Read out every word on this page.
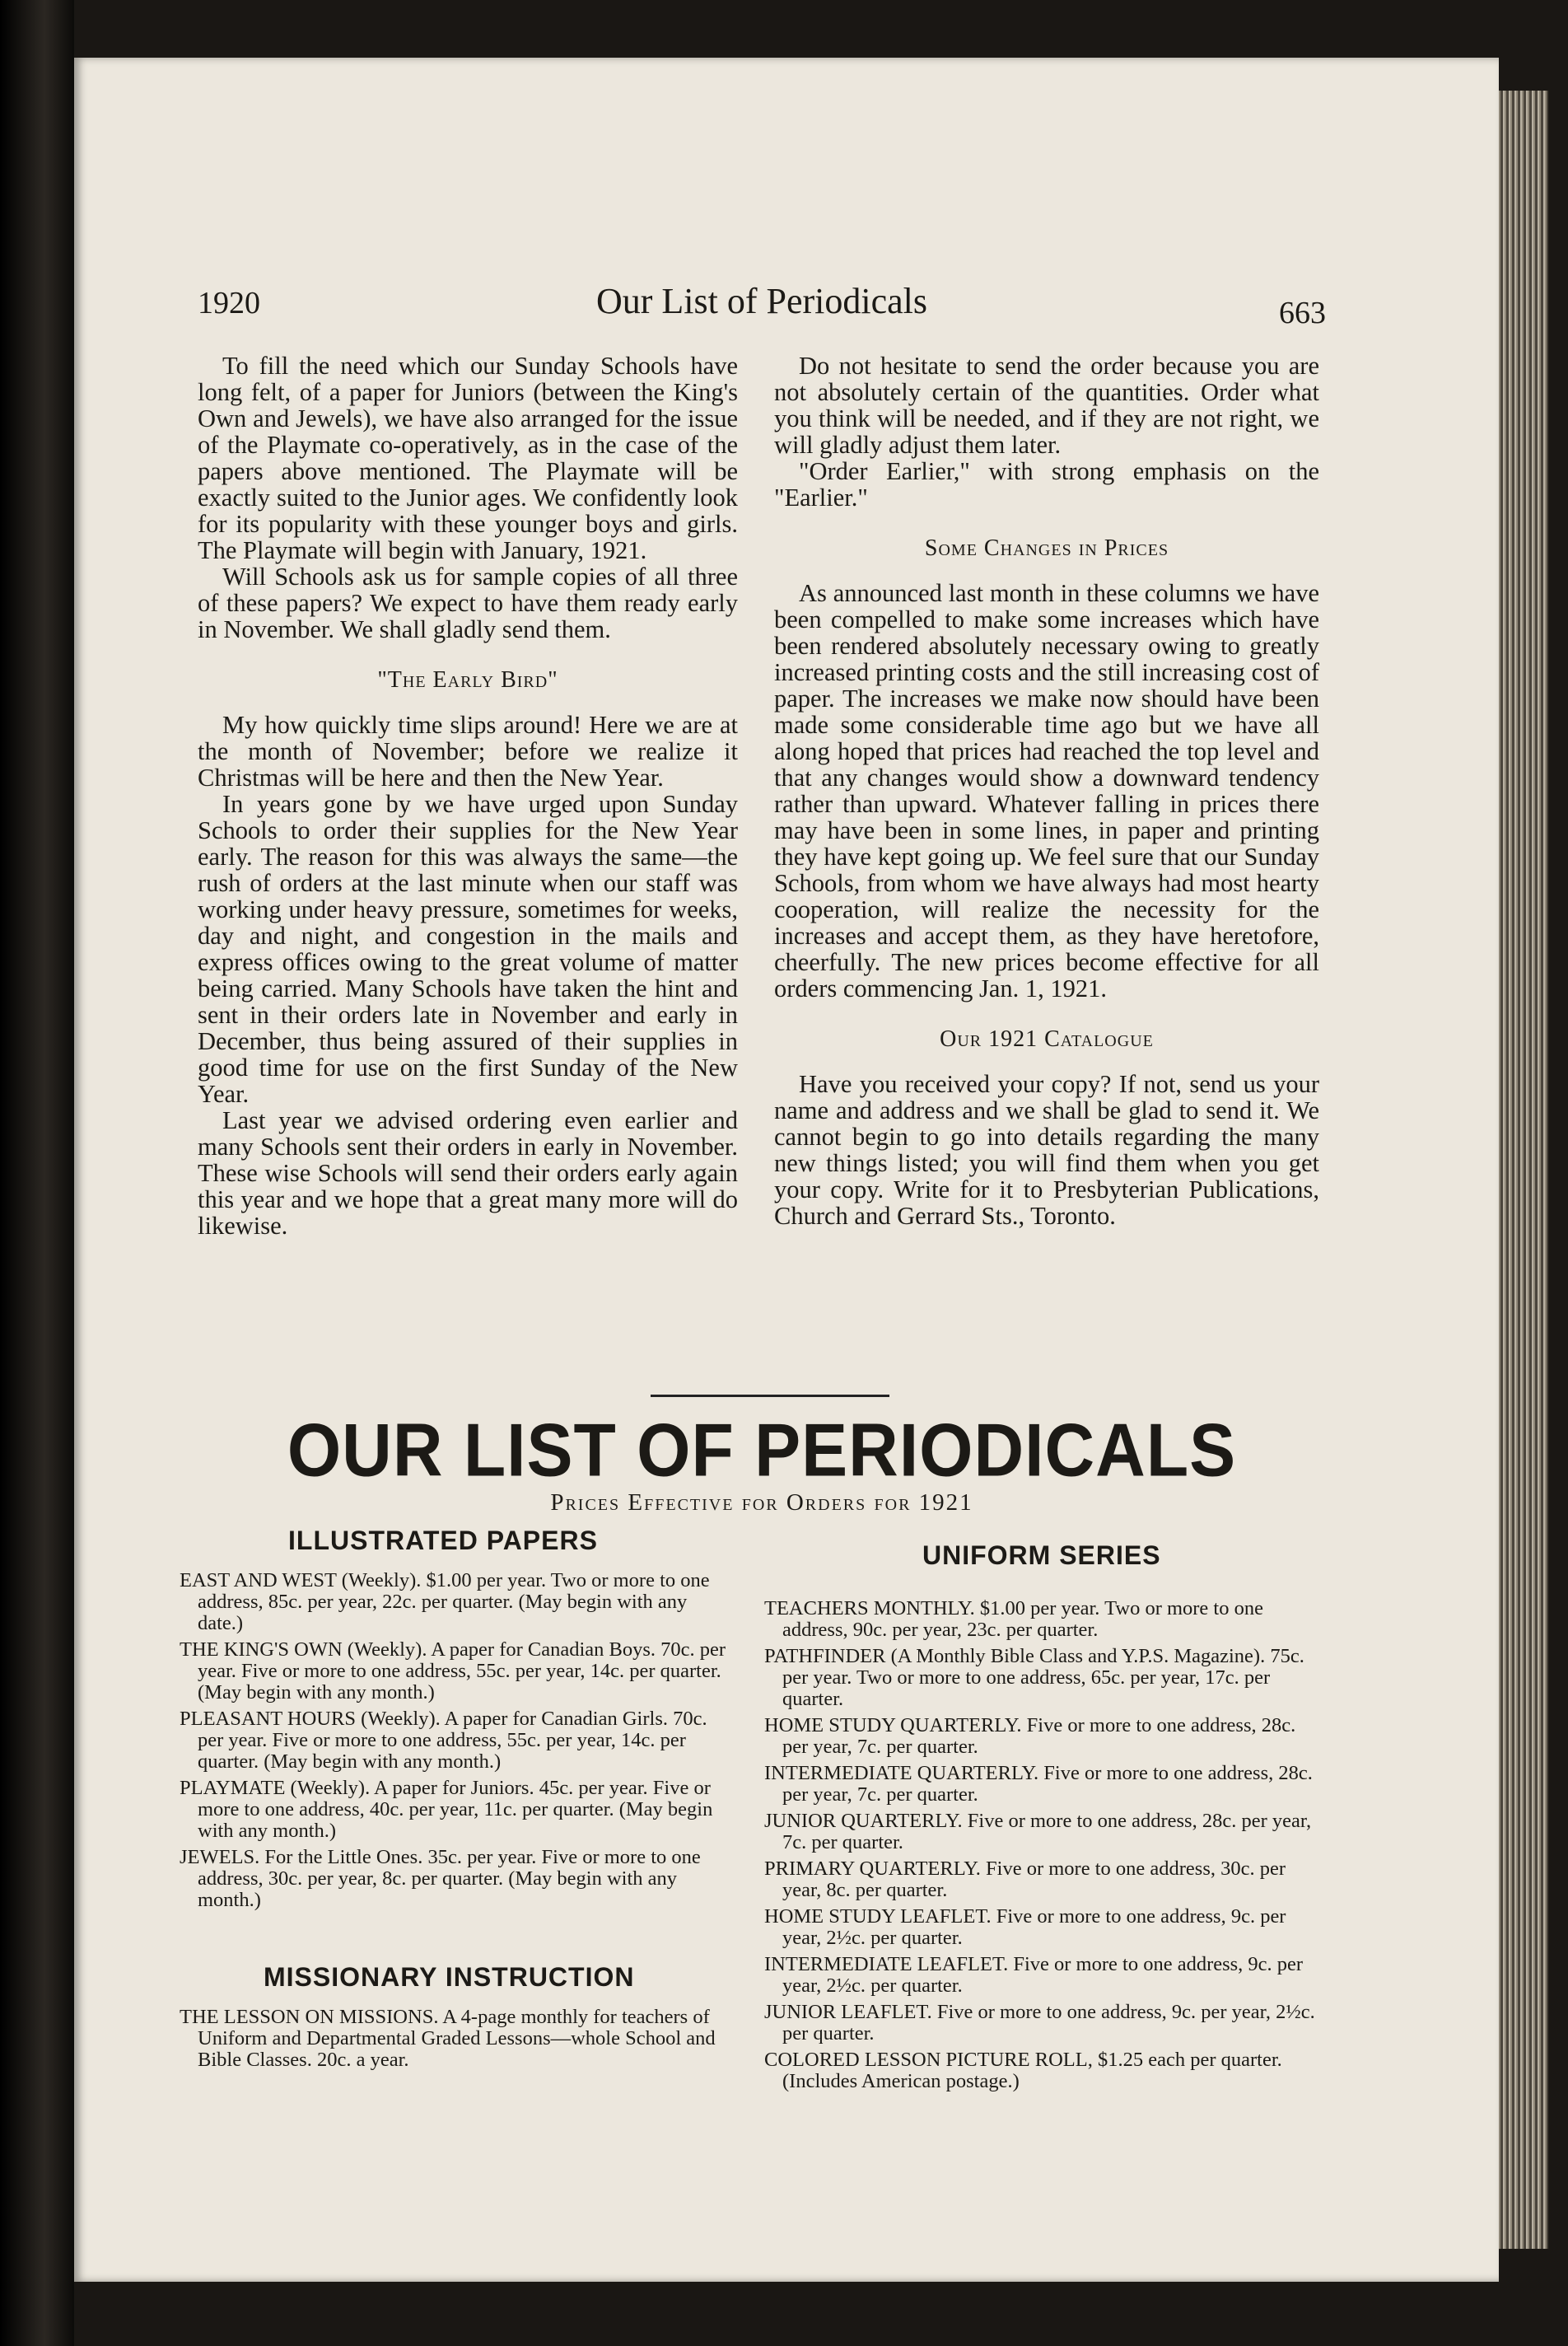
1920	Our List of Periodicals	663

To fill the need which our Sunday Schools have long felt, of a paper for Juniors (between the King's Own and Jewels), we have also arranged for the issue of the Playmate co-operatively, as in the case of the papers above mentioned. The Playmate will be exactly suited to the Junior ages. We confidently look for its popularity with these younger boys and girls. The Playmate will begin with January, 1921.

Will Schools ask us for sample copies of all three of these papers? We expect to have them ready early in November. We shall gladly send them.

"The Early Bird"

My how quickly time slips around! Here we are at the month of November; before we realize it Christmas will be here and then the New Year.

In years gone by we have urged upon Sunday Schools to order their supplies for the New Year early. The reason for this was always the same—the rush of orders at the last minute when our staff was working under heavy pressure, sometimes for weeks, day and night, and congestion in the mails and express offices owing to the great volume of matter being carried. Many Schools have taken the hint and sent in their orders late in November and early in December, thus being assured of their supplies in good time for use on the first Sunday of the New Year.

Last year we advised ordering even earlier and many Schools sent their orders in early in November. These wise Schools will send their orders early again this year and we hope that a great many more will do likewise.

Do not hesitate to send the order because you are not absolutely certain of the quantities. Order what you think will be needed, and if they are not right, we will gladly adjust them later.

"Order Earlier," with strong emphasis on the "Earlier."

Some Changes in Prices

As announced last month in these columns we have been compelled to make some increases which have been rendered absolutely necessary owing to greatly increased printing costs and the still increasing cost of paper. The increases we make now should have been made some considerable time ago but we have all along hoped that prices had reached the top level and that any changes would show a downward tendency rather than upward. Whatever falling in prices there may have been in some lines, in paper and printing they have kept going up. We feel sure that our Sunday Schools, from whom we have always had most hearty cooperation, will realize the necessity for the increases and accept them, as they have heretofore, cheerfully. The new prices become effective for all orders commencing Jan. 1, 1921.

Our 1921 Catalogue

Have you received your copy? If not, send us your name and address and we shall be glad to send it. We cannot begin to go into details regarding the many new things listed; you will find them when you get your copy. Write for it to Presbyterian Publications, Church and Gerrard Sts., Toronto.

OUR LIST OF PERIODICALS
Prices Effective for Orders for 1921
ILLUSTRATED PAPERS	UNIFORM SERIES
EAST AND WEST (Weekly). $1.00 per year. Two or more to one address, 85c. per year, 22c. per quarter. (May begin with any date.)
THE KING'S OWN (Weekly). A paper for Canadian Boys. 70c. per year. Five or more to one address, 55c. per year, 14c. per quarter. (May begin with any month.)
PLEASANT HOURS (Weekly). A paper for Canadian Girls. 70c. per year. Five or more to one address, 55c. per year, 14c. per quarter. (May begin with any month.)
PLAYMATE (Weekly). A paper for Juniors. 45c. per year. Five or more to one address, 40c. per year, 11c. per quarter. (May begin with any month.)
JEWELS. For the Little Ones. 35c. per year. Five or more to one address, 30c. per year, 8c. per quarter. (May begin with any month.)
MISSIONARY INSTRUCTION
THE LESSON ON MISSIONS. A 4-page monthly for teachers of Uniform and Departmental Graded Lessons—whole School and Bible Classes. 20c. a year.
TEACHERS MONTHLY. $1.00 per year. Two or more to one address, 90c. per year, 23c. per quarter.
PATHFINDER (A Monthly Bible Class and Y.P.S. Magazine). 75c. per year. Two or more to one address, 65c. per year, 17c. per quarter.
HOME STUDY QUARTERLY. Five or more to one address, 28c. per year, 7c. per quarter.
INTERMEDIATE QUARTERLY. Five or more to one address, 28c. per year, 7c. per quarter.
JUNIOR QUARTERLY. Five or more to one address, 28c. per year, 7c. per quarter.
PRIMARY QUARTERLY. Five or more to one address, 30c. per year, 8c. per quarter.
HOME STUDY LEAFLET. Five or more to one address, 9c. per year, 2½c. per quarter.
INTERMEDIATE LEAFLET. Five or more to one address, 9c. per year, 2½c. per quarter.
JUNIOR LEAFLET. Five or more to one address, 9c. per year, 2½c. per quarter.
COLORED LESSON PICTURE ROLL, $1.25 each per quarter. (Includes American postage.)
